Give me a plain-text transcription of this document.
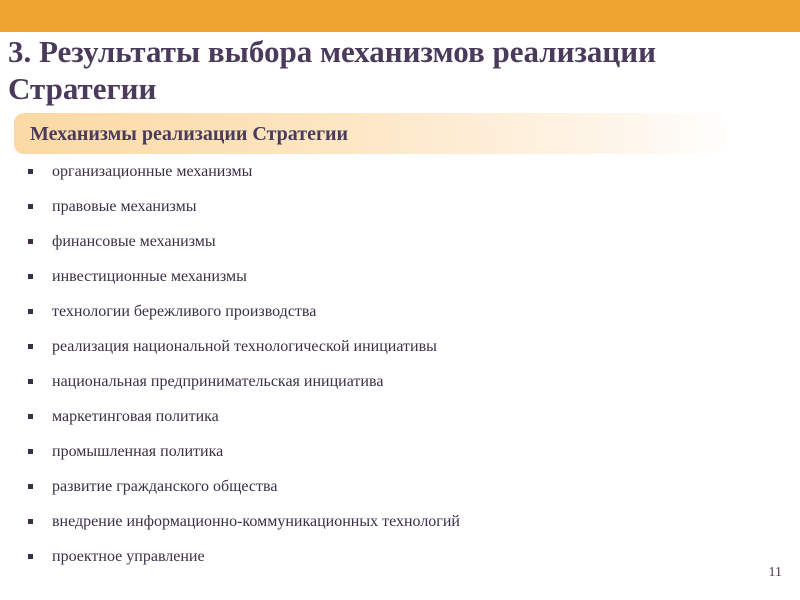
3. Результаты выбора механизмов реализации Стратегии
Механизмы реализации Стратегии
организационные механизмы
правовые механизмы
финансовые механизмы
инвестиционные механизмы
технологии бережливого производства
реализация национальной технологической инициативы
национальная предпринимательская инициатива
маркетинговая политика
промышленная политика
развитие гражданского общества
внедрение информационно-коммуникационных технологий
проектное управление
11
